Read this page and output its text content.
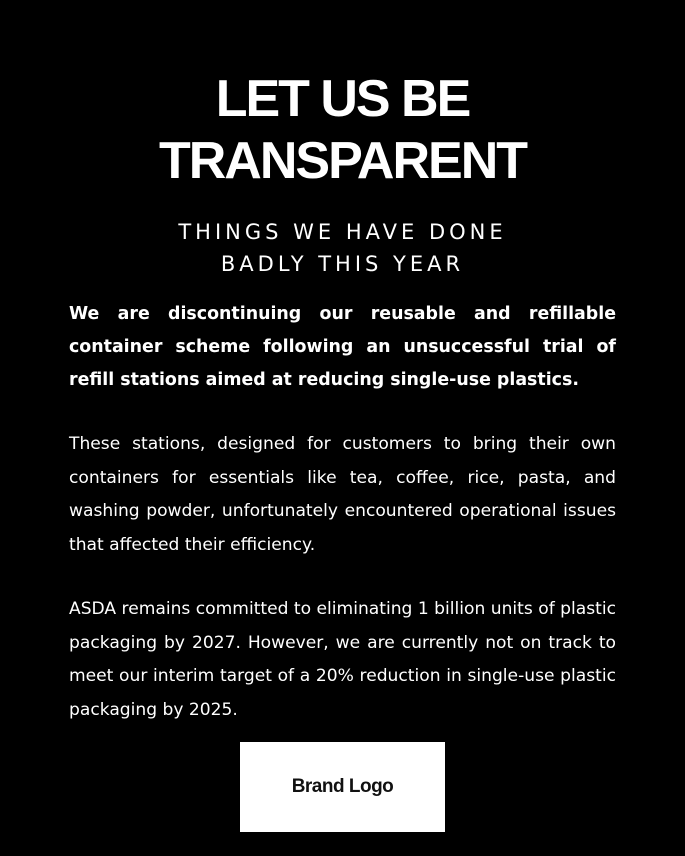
LET US BE
TRANSPARENT
THINGS WE HAVE DONE
BADLY THIS YEAR

We are discontinuing our reusable and refillable container scheme following an unsuccessful trial of refill stations aimed at reducing single-use plastics.

These stations, designed for customers to bring their own containers for essentials like tea, coffee, rice, pasta, and washing powder, unfortunately encountered operational issues that affected their efficiency.

ASDA remains committed to eliminating 1 billion units of plastic packaging by 2027. However, we are currently not on track to meet our interim target of a 20% reduction in single-use plastic packaging by 2025.

Brand Logo
